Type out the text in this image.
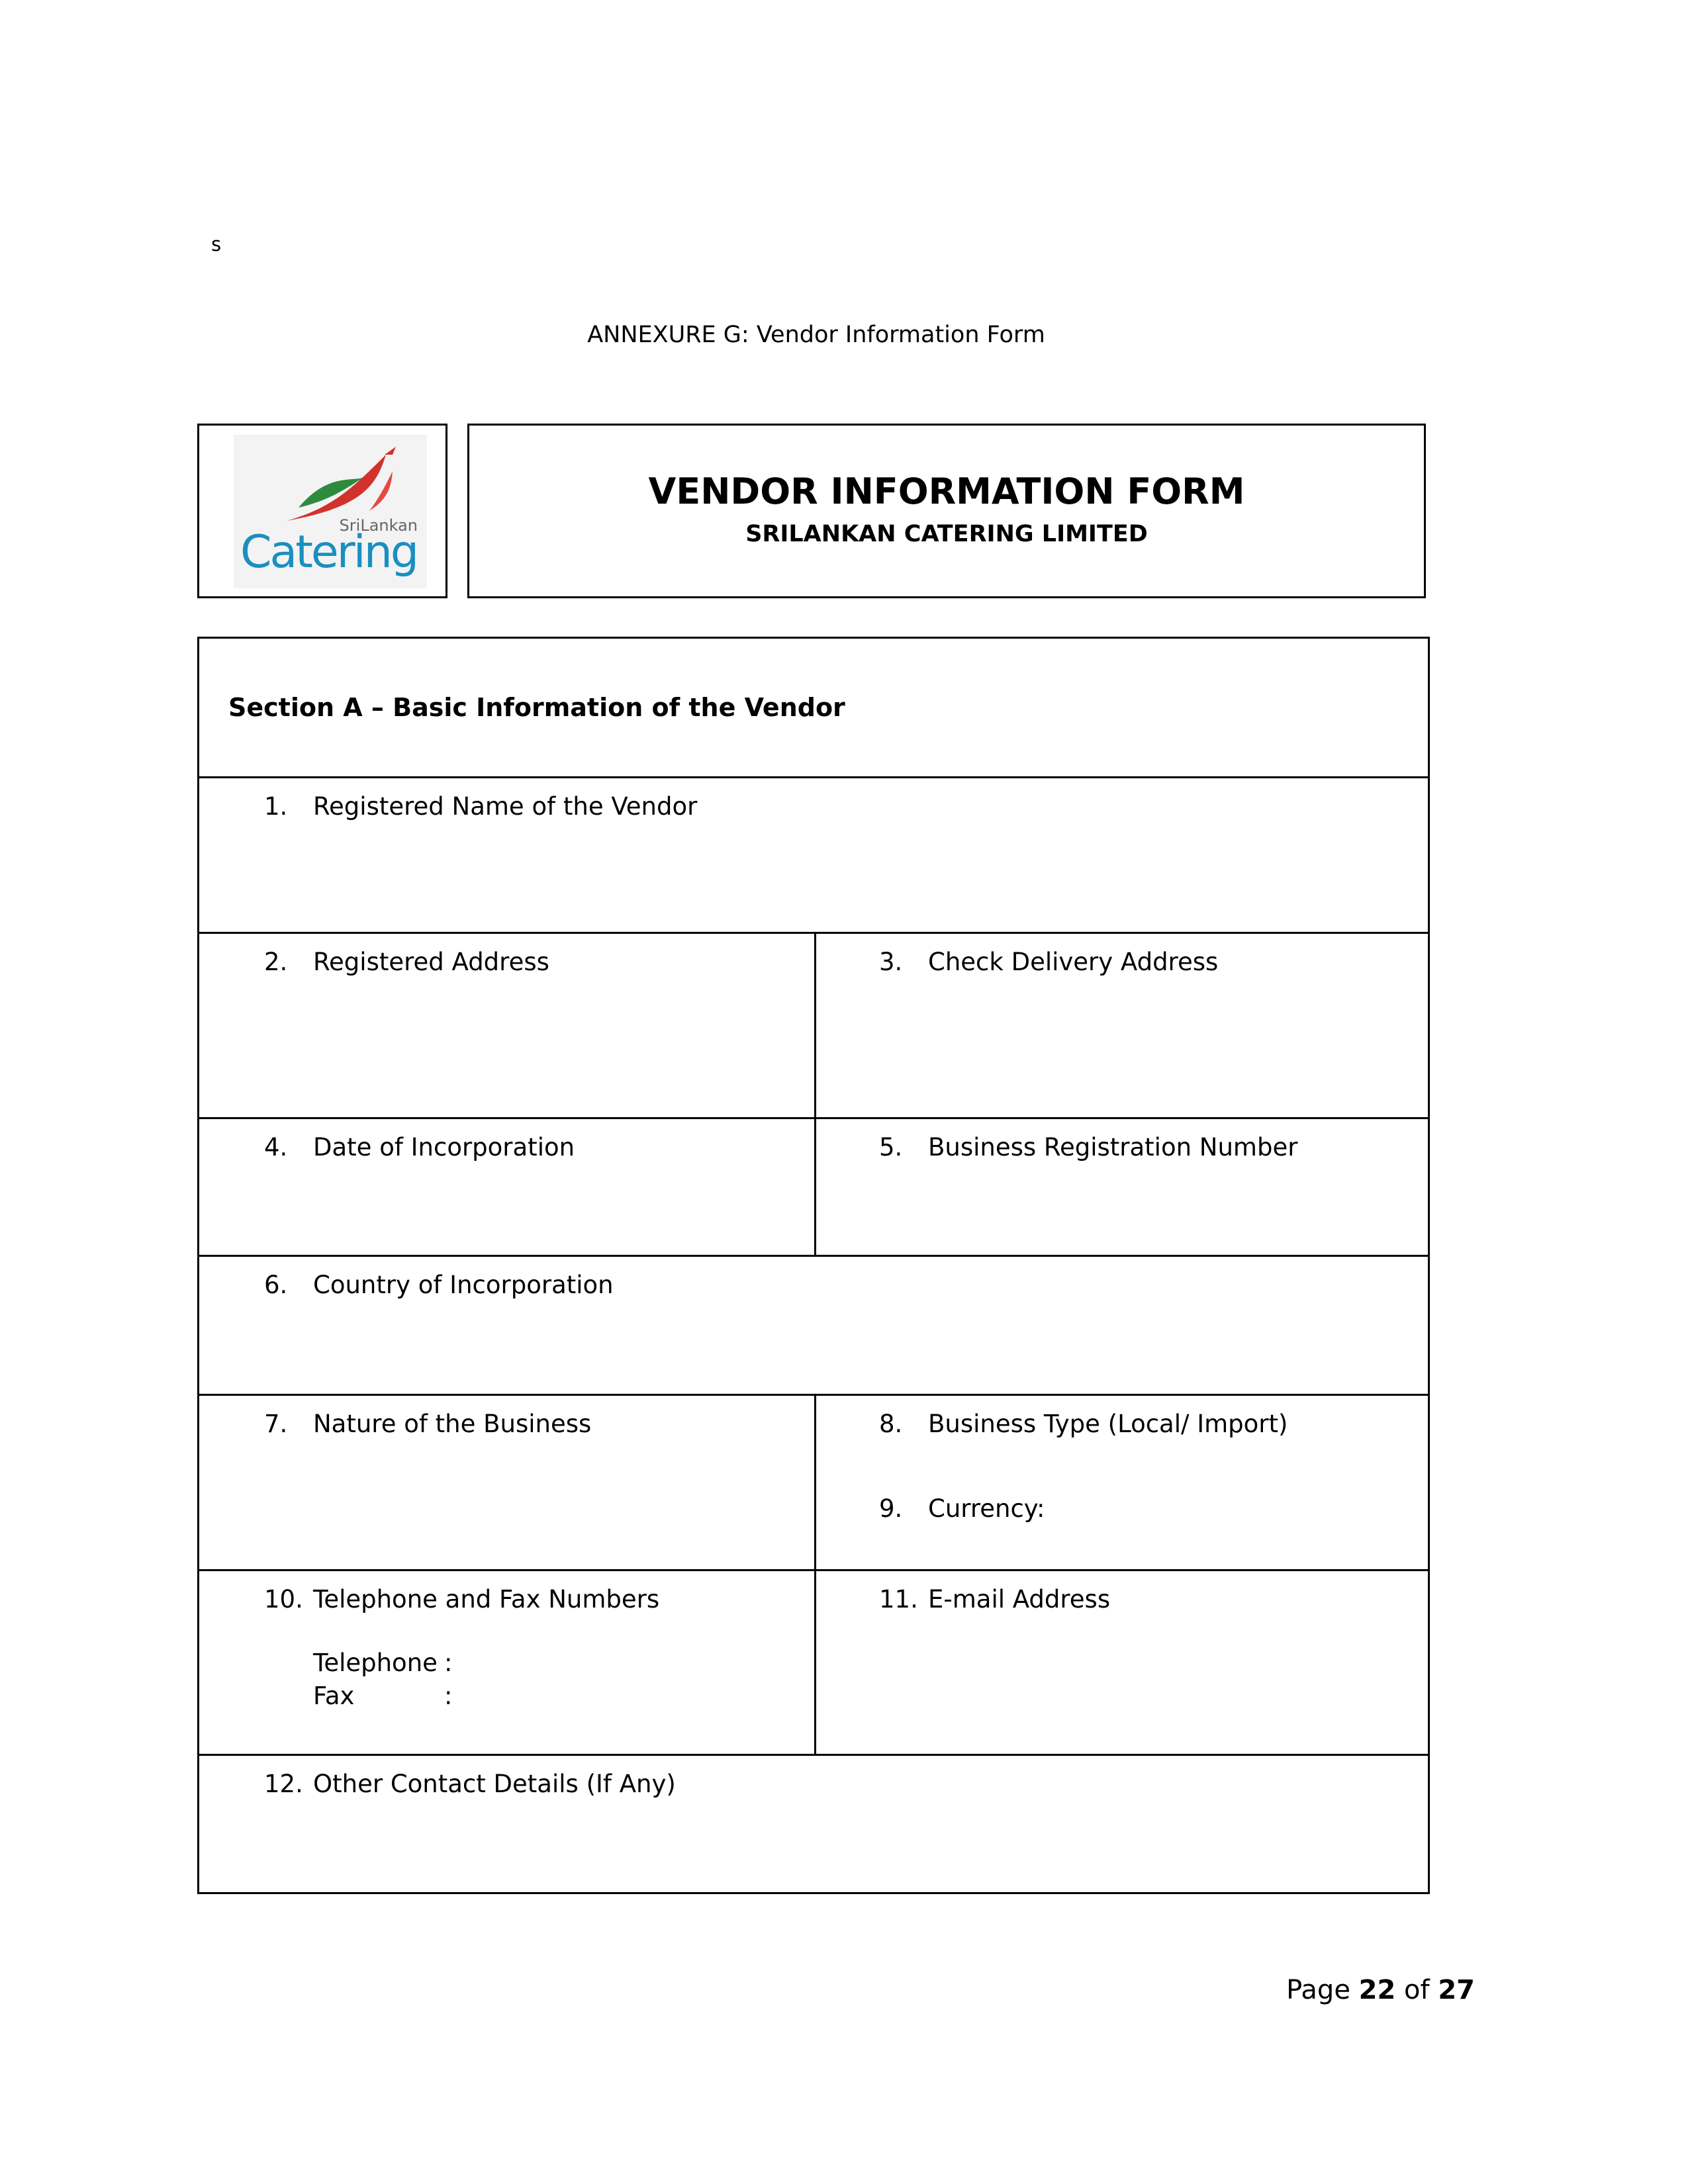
s
ANNEXURE G: Vendor Information Form
SriLankan
Catering
VENDOR INFORMATION FORM
SRILANKAN CATERING LIMITED
Section A – Basic Information of the Vendor
1. Registered Name of the Vendor
2. Registered Address	3. Check Delivery Address
4. Date of Incorporation	5. Business Registration Number
6. Country of Incorporation
7. Nature of the Business	8. Business Type (Local/ Import)
9. Currency:
10. Telephone and Fax Numbers
Telephone :
Fax	:
11. E-mail Address
12. Other Contact Details (If Any)
Page 22 of 27
